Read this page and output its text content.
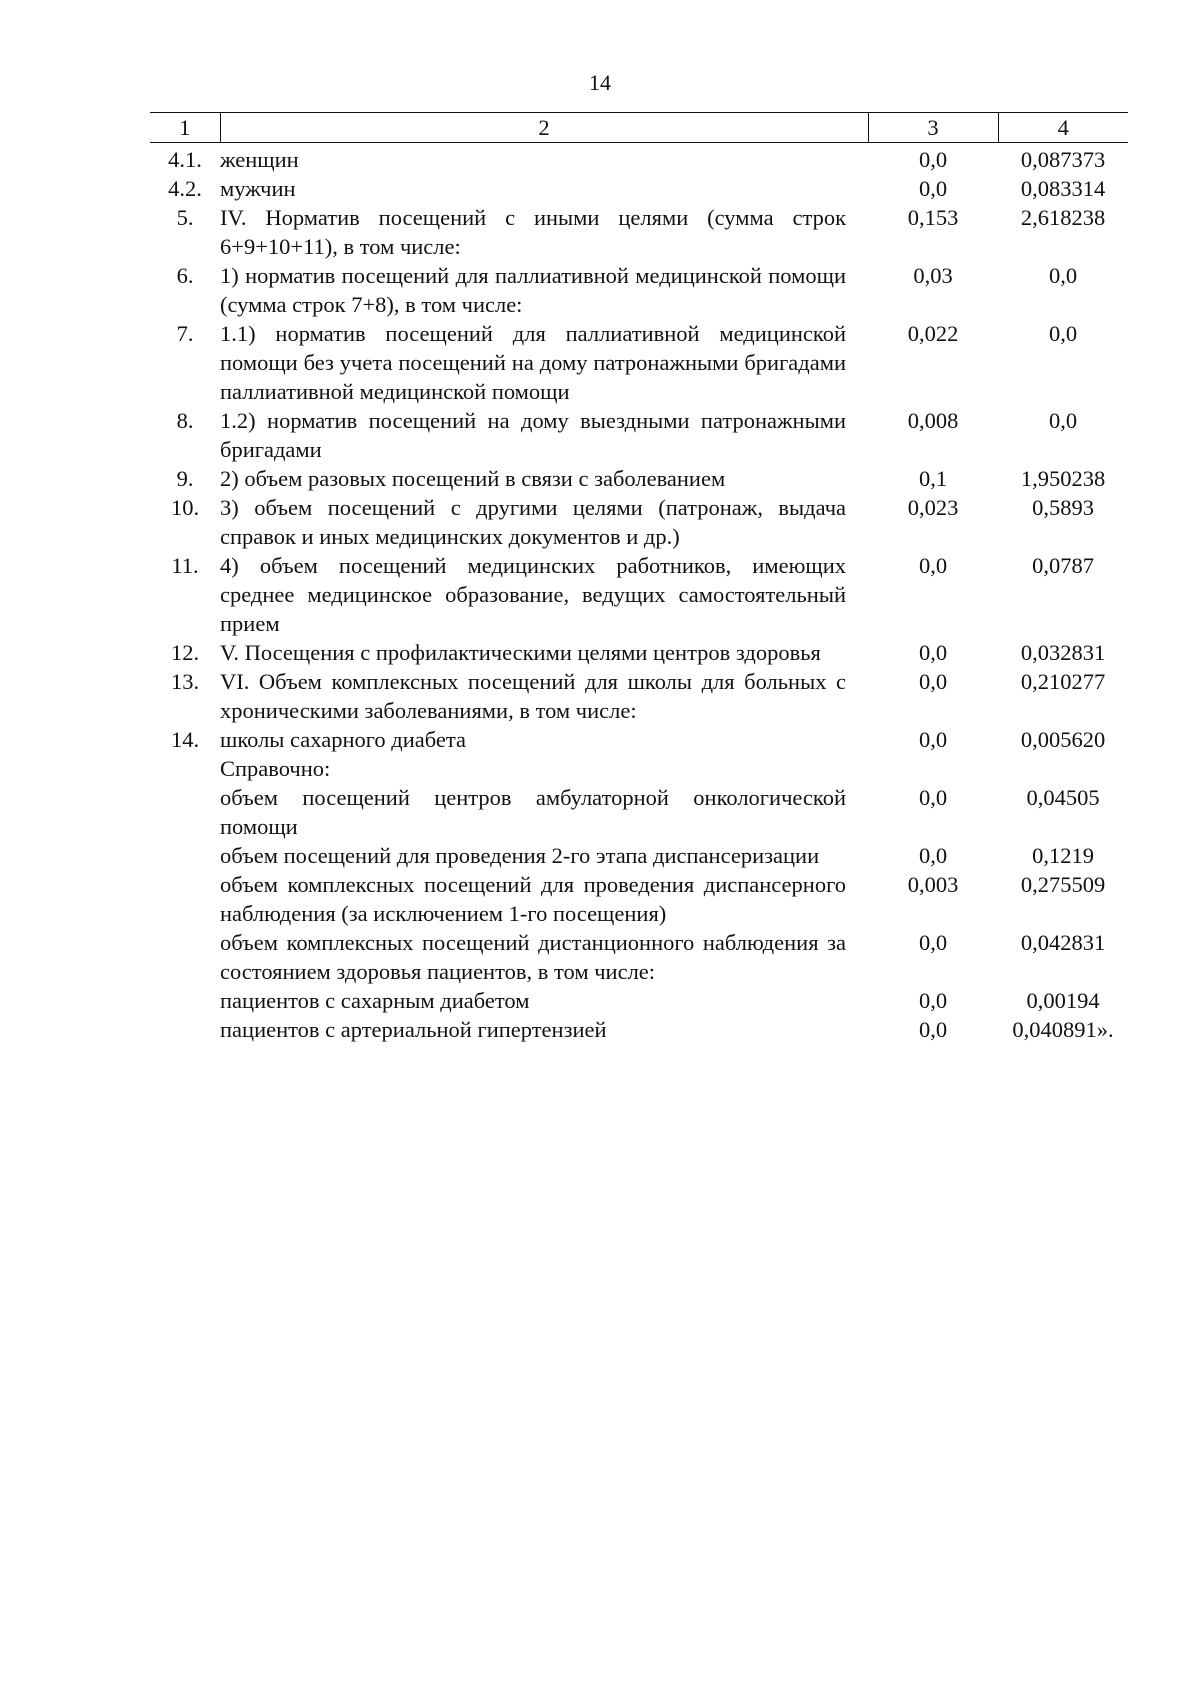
14
1	2	3	4
4.1.	женщин	0,0	0,087373
4.2.	мужчин	0,0	0,083314
5.	IV. Норматив посещений с иными целями (сумма строк 6+9+10+11), в том числе:	0,153	2,618238
6.	1) норматив посещений для паллиативной медицинской помощи (сумма строк 7+8), в том числе:	0,03	0,0
7.	1.1) норматив посещений для паллиативной медицинской помощи без учета посещений на дому патронажными бригадами паллиативной медицинской помощи	0,022	0,0
8.	1.2) норматив посещений на дому выездными патронажными бригадами	0,008	0,0
9.	2) объем разовых посещений в связи с заболеванием	0,1	1,950238
10.	3) объем посещений с другими целями (патронаж, выдача справок и иных медицинских документов и др.)	0,023	0,5893
11.	4) объем посещений медицинских работников, имеющих среднее медицинское образование, ведущих самостоятельный прием	0,0	0,0787
12.	V. Посещения с профилактическими целями центров здоровья	0,0	0,032831
13.	VI. Объем комплексных посещений для школы для больных с хроническими заболеваниями, в том числе:	0,0	0,210277
14.	школы сахарного диабета	0,0	0,005620
	Справочно:		
	объем посещений центров амбулаторной онкологической помощи	0,0	0,04505
	объем посещений для проведения 2-го этапа диспансеризации	0,0	0,1219
	объем комплексных посещений для проведения диспансерного наблюдения (за исключением 1-го посещения)	0,003	0,275509
	объем комплексных посещений дистанционного наблюдения за состоянием здоровья пациентов, в том числе:	0,0	0,042831
	пациентов с сахарным диабетом	0,0	0,00194
	пациентов с артериальной гипертензией	0,0	0,040891».
